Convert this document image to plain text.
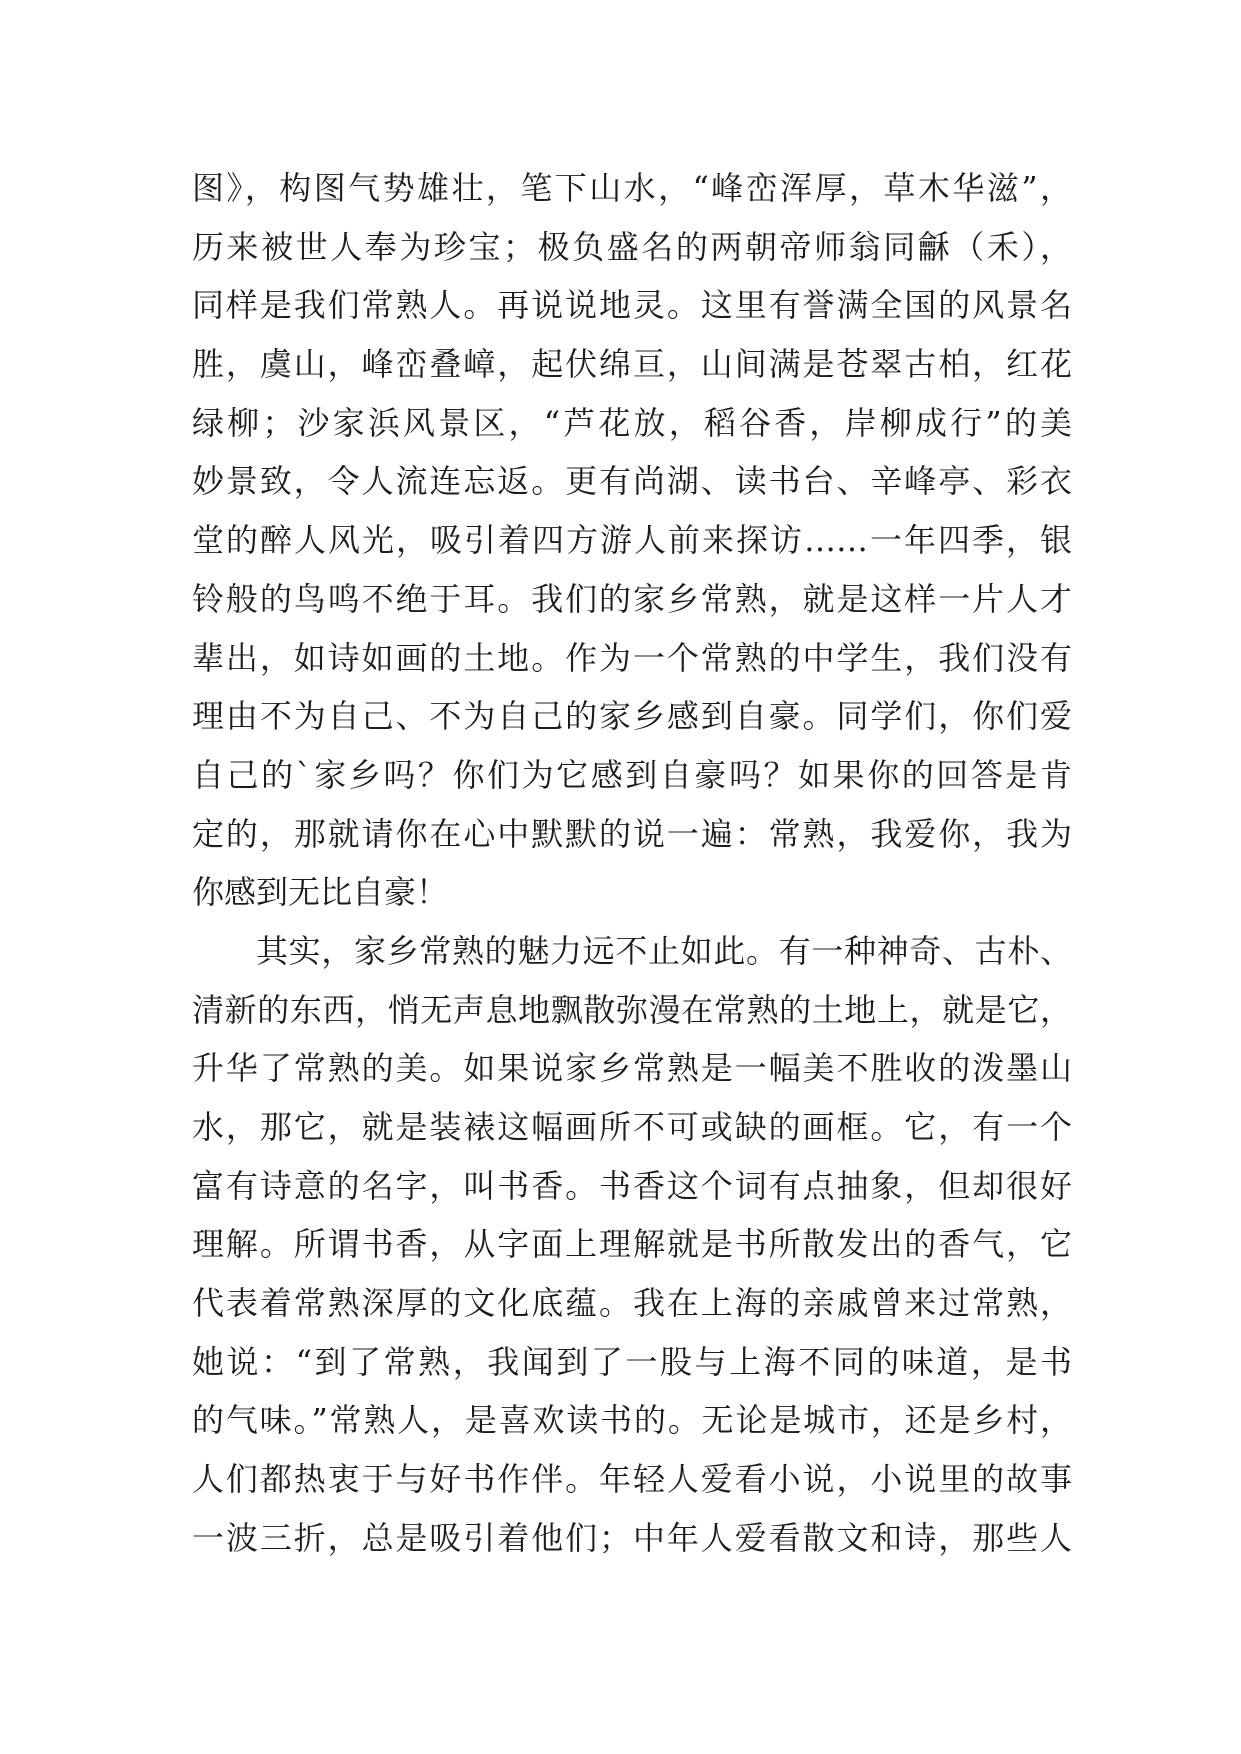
图》，构图气势雄壮，笔下山水，“峰峦浑厚，草木华滋”，
历来被世人奉为珍宝；极负盛名的两朝帝师翁同龢（禾），
同样是我们常熟人。再说说地灵。这里有誉满全国的风景名
胜，虞山，峰峦叠嶂，起伏绵亘，山间满是苍翠古柏，红花
绿柳；沙家浜风景区，“芦花放，稻谷香，岸柳成行”的美
妙景致，令人流连忘返。更有尚湖、读书台、辛峰亭、彩衣
堂的醉人风光，吸引着四方游人前来探访……一年四季，银
铃般的鸟鸣不绝于耳。我们的家乡常熟，就是这样一片人才
辈出，如诗如画的土地。作为一个常熟的中学生，我们没有
理由不为自己、不为自己的家乡感到自豪。同学们，你们爱
自己的`家乡吗？你们为它感到自豪吗？如果你的回答是肯
定的，那就请你在心中默默的说一遍：常熟，我爱你，我为
你感到无比自豪！
其实，家乡常熟的魅力远不止如此。有一种神奇、古朴、
清新的东西，悄无声息地飘散弥漫在常熟的土地上，就是它，
升华了常熟的美。如果说家乡常熟是一幅美不胜收的泼墨山
水，那它，就是装裱这幅画所不可或缺的画框。它，有一个
富有诗意的名字，叫书香。书香这个词有点抽象，但却很好
理解。所谓书香，从字面上理解就是书所散发出的香气，它
代表着常熟深厚的文化底蕴。我在上海的亲戚曾来过常熟，
她说：“到了常熟，我闻到了一股与上海不同的味道，是书
的气味。”常熟人，是喜欢读书的。无论是城市，还是乡村，
人们都热衷于与好书作伴。年轻人爱看小说，小说里的故事
一波三折，总是吸引着他们；中年人爱看散文和诗，那些人
